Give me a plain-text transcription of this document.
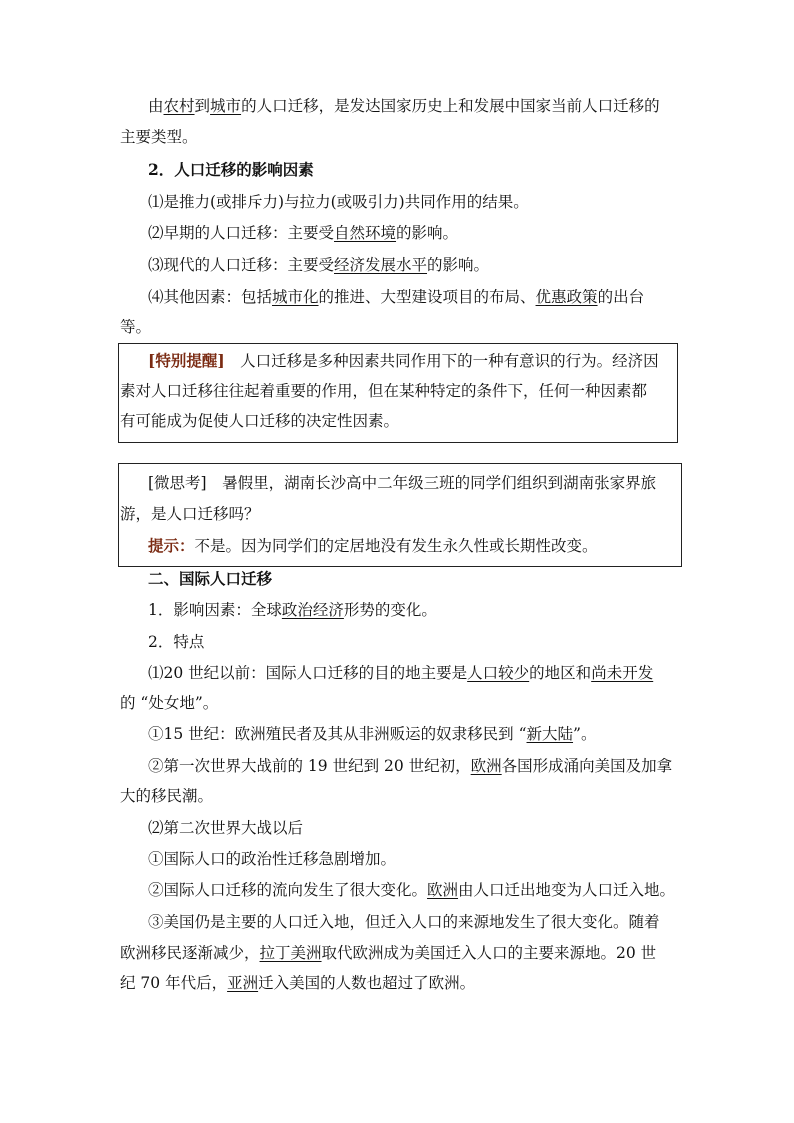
由农村到城市的人口迁移，是发达国家历史上和发展中国家当前人口迁移的
主要类型。
2．人口迁移的影响因素
⑴是推力(或排斥力)与拉力(或吸引力)共同作用的结果。
⑵早期的人口迁移：主要受自然环境的影响。
⑶现代的人口迁移：主要受经济发展水平的影响。
⑷其他因素：包括城市化的推进、大型建设项目的布局、优惠政策的出台
等。
[特别提醒]　人口迁移是多种因素共同作用下的一种有意识的行为。经济因
素对人口迁移往往起着重要的作用，但在某种特定的条件下，任何一种因素都
有可能成为促使人口迁移的决定性因素。
[微思考]　暑假里，湖南长沙高中二年级三班的同学们组织到湖南张家界旅
游，是人口迁移吗？
提示：不是。因为同学们的定居地没有发生永久性或长期性改变。
二、国际人口迁移
1．影响因素：全球政治经济形势的变化。
2．特点
⑴20 世纪以前：国际人口迁移的目的地主要是人口较少的地区和尚未开发
的 “处女地”。
①15 世纪：欧洲殖民者及其从非洲贩运的奴隶移民到 “新大陆”。
②第一次世界大战前的 19 世纪到 20 世纪初，欧洲各国形成涌向美国及加拿
大的移民潮。
⑵第二次世界大战以后
①国际人口的政治性迁移急剧增加。
②国际人口迁移的流向发生了很大变化。欧洲由人口迁出地变为人口迁入地。
③美国仍是主要的人口迁入地，但迁入人口的来源地发生了很大变化。随着
欧洲移民逐渐减少，拉丁美洲取代欧洲成为美国迁入人口的主要来源地。20 世
纪 70 年代后，亚洲迁入美国的人数也超过了欧洲。
